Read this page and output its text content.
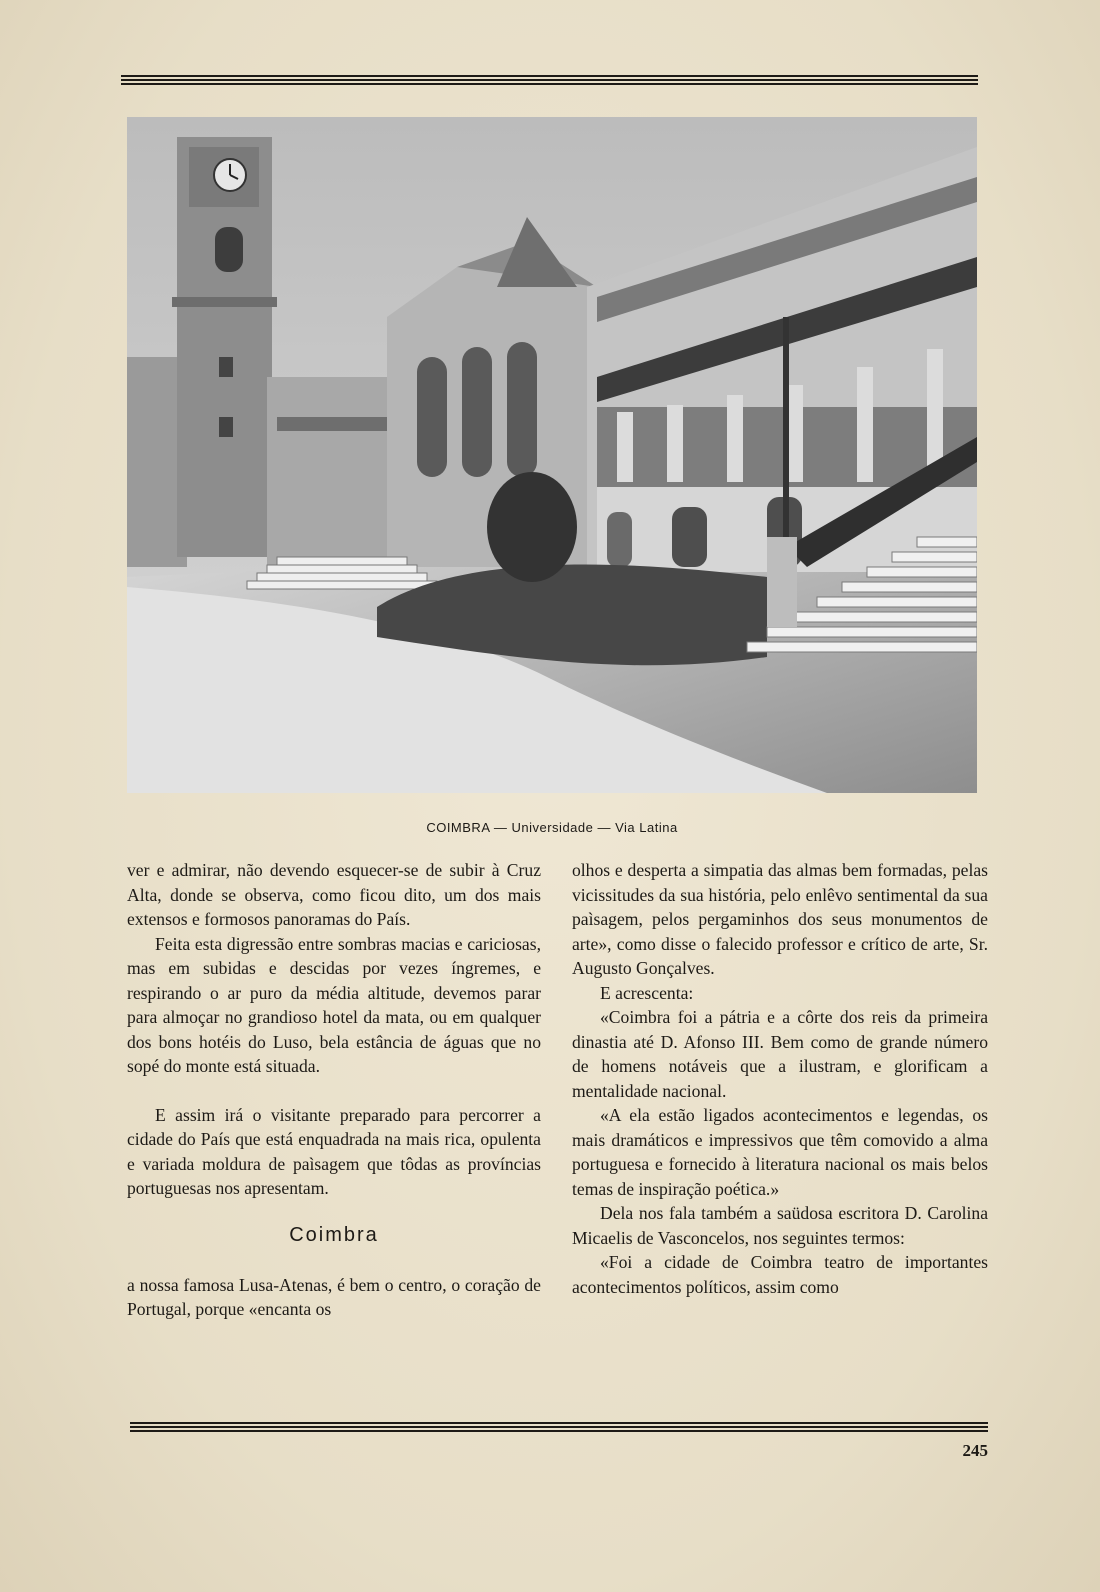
COIMBRA — Universidade — Via Latina

ver e admirar, não devendo esquecer-se de subir à Cruz Alta, donde se observa, como ficou dito, um dos mais extensos e formosos panoramas do País.

Feita esta digressão entre sombras macias e cariciosas, mas em subidas e descidas por vezes íngremes, e respirando o ar puro da média altitude, devemos parar para almoçar no grandioso hotel da mata, ou em qualquer dos bons hotéis do Luso, bela estância de águas que no sopé do monte está situada.

E assim irá o visitante preparado para percorrer a cidade do País que está enquadrada na mais rica, opulenta e variada moldura de paìsagem que tôdas as províncias portuguesas nos apresentam.

Coimbra

a nossa famosa Lusa-Atenas, é bem o centro, o coração de Portugal, porque «encanta os

olhos e desperta a simpatia das almas bem formadas, pelas vicissitudes da sua história, pelo enlêvo sentimental da sua paìsagem, pelos pergaminhos dos seus monumentos de arte», como disse o falecido professor e crítico de arte, Sr. Augusto Gonçalves.

E acrescenta:

«Coimbra foi a pátria e a côrte dos reis da primeira dinastia até D. Afonso III. Bem como de grande número de homens notáveis que a ilustram, e glorificam a mentalidade nacional.

«A ela estão ligados acontecimentos e legendas, os mais dramáticos e impressivos que têm comovido a alma portuguesa e fornecido à literatura nacional os mais belos temas de inspiração poética.»

Dela nos fala também a saüdosa escritora D. Carolina Micaelis de Vasconcelos, nos seguintes termos:

«Foi a cidade de Coimbra teatro de importantes acontecimentos políticos, assim como

245
